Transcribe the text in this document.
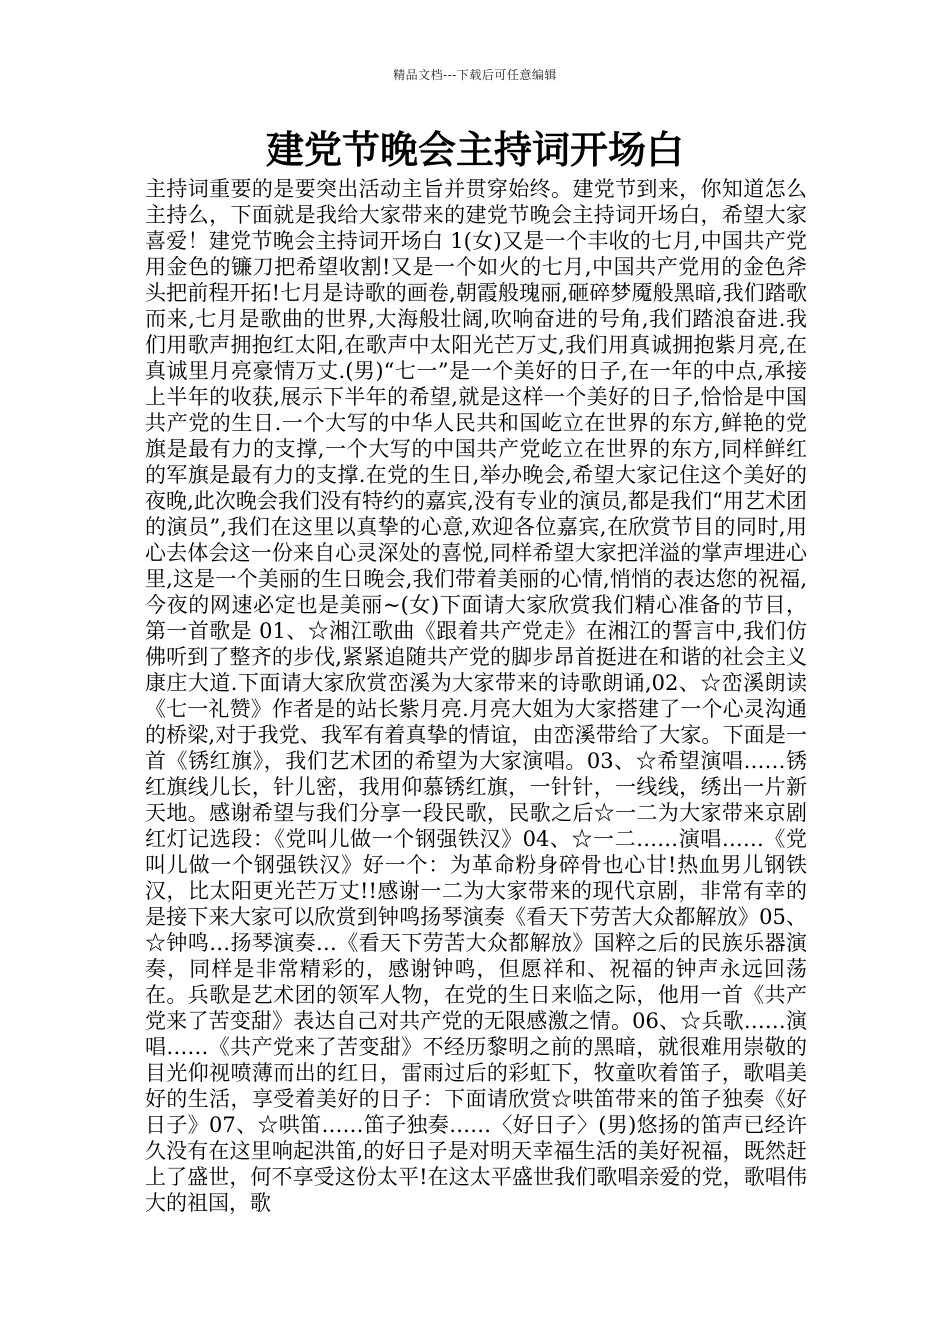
精品文档---下载后可任意编辑
建党节晚会主持词开场白

主持词重要的是要突出活动主旨并贯穿始终。建党节到来，你知道怎么主持么，下面就是我给大家带来的建党节晚会主持词开场白，希望大家喜爱！建党节晚会主持词开场白 1(女)又是一个丰收的七月,中国共产党用金色的镰刀把希望收割!又是一个如火的七月,中国共产党用的金色斧头把前程开拓!七月是诗歌的画卷,朝霞般瑰丽,砸碎梦魇般黑暗,我们踏歌而来,七月是歌曲的世界,大海般壮阔,吹响奋进的号角,我们踏浪奋进.我们用歌声拥抱红太阳,在歌声中太阳光芒万丈,我们用真诚拥抱紫月亮,在真诚里月亮豪情万丈.(男)“七一”是一个美好的日子,在一年的中点,承接上半年的收获,展示下半年的希望,就是这样一个美好的日子,恰恰是中国共产党的生日.一个大写的中华人民共和国屹立在世界的东方,鲜艳的党旗是最有力的支撑,一个大写的中国共产党屹立在世界的东方,同样鲜红的军旗是最有力的支撑.在党的生日,举办晚会,希望大家记住这个美好的夜晚,此次晚会我们没有特约的嘉宾,没有专业的演员,都是我们“用艺术团的演员”,我们在这里以真挚的心意,欢迎各位嘉宾,在欣赏节目的同时,用心去体会这一份来自心灵深处的喜悦,同样希望大家把洋溢的掌声埋进心里,这是一个美丽的生日晚会,我们带着美丽的心情,悄悄的表达您的祝福,今夜的网速必定也是美丽~(女)下面请大家欣赏我们精心准备的节目，第一首歌是 01、☆湘江歌曲《跟着共产党走》在湘江的誓言中,我们仿佛听到了整齐的步伐,紧紧追随共产党的脚步昂首挺进在和谐的社会主义康庄大道.下面请大家欣赏峦溪为大家带来的诗歌朗诵,02、☆峦溪朗读《七一礼赞》作者是的站长紫月亮.月亮大姐为大家搭建了一个心灵沟通的桥梁,对于我党、我军有着真挚的情谊，由峦溪带给了大家。下面是一首《锈红旗》，我们艺术团的希望为大家演唱。03、☆希望演唱……锈红旗线儿长，针儿密，我用仰慕锈红旗，一针针，一线线，绣出一片新天地。感谢希望与我们分享一段民歌，民歌之后☆一二为大家带来京剧红灯记选段：《党叫儿做一个钢强铁汉》04、☆一二……演唱……《党叫儿做一个钢强铁汉》好一个：为革命粉身碎骨也心甘!热血男儿钢铁汉，比太阳更光芒万丈!!感谢一二为大家带来的现代京剧，非常有幸的是接下来大家可以欣赏到钟鸣扬琴演奏《看天下劳苦大众都解放》05、☆钟鸣…扬琴演奏…《看天下劳苦大众都解放》国粹之后的民族乐器演奏，同样是非常精彩的，感谢钟鸣，但愿祥和、祝福的钟声永远回荡在。兵歌是艺术团的领军人物，在党的生日来临之际，他用一首《共产党来了苦变甜》表达自己对共产党的无限感激之情。06、☆兵歌……演唱……《共产党来了苦变甜》不经历黎明之前的黑暗，就很难用崇敬的目光仰视喷薄而出的红日，雷雨过后的彩虹下，牧童吹着笛子，歌唱美好的生活，享受着美好的日子：下面请欣赏☆哄笛带来的笛子独奏《好日子》07、☆哄笛……笛子独奏……〈好日子〉(男)悠扬的笛声已经许久没有在这里响起洪笛,的好日子是对明天幸福生活的美好祝福，既然赶上了盛世，何不享受这份太平!在这太平盛世我们歌唱亲爱的党，歌唱伟大的祖国，歌
